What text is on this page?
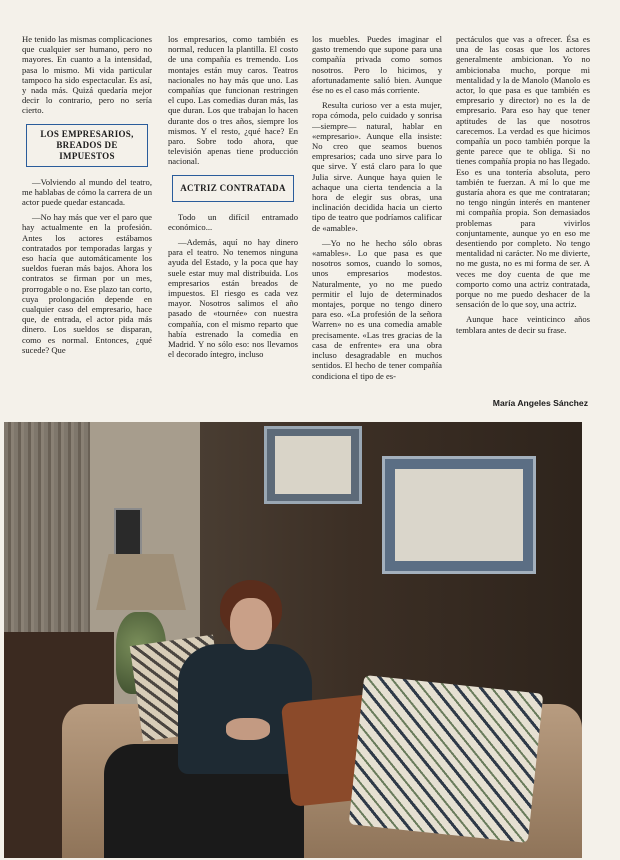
He tenido las mismas complicaciones que cualquier ser humano, pero no mayores. En cuanto a la intensidad, pasa lo mismo. Mi vida particular tampoco ha sido espectacular. Es así, y nada más. Quizá quedaría mejor decir lo contrario, pero no sería cierto.

LOS EMPRESARIOS, BREADOS DE IMPUESTOS

—Volviendo al mundo del teatro, me hablabas de cómo la carrera de un actor puede quedar estancada.

—No hay más que ver el paro que hay actualmente en la profesión. Antes los actores estábamos contratados por temporadas largas y eso hacía que automáticamente los sueldos fueran más bajos. Ahora los contratos se firman por un mes, prorrogable o no. Ese plazo tan corto, cuya prolongación depende en cualquier caso del empresario, hace que, de entrada, el actor pida más dinero. Los sueldos se disparan, como es normal. Entonces, ¿qué sucede? Que

los empresarios, como también es normal, reducen la plantilla. El costo de una compañía es tremendo. Los montajes están muy caros. Teatros nacionales no hay más que uno. Las compañías que funcionan restringen el cupo. Las comedias duran más, las que duran. Los que trabajan lo hacen durante dos o tres años, siempre los mismos. Y el resto, ¿qué hace? En paro. Sobre todo ahora, que televisión apenas tiene producción nacional.

ACTRIZ CONTRATADA

Todo un difícil entramado económico...

—Además, aquí no hay dinero para el teatro. No tenemos ninguna ayuda del Estado, y la poca que hay suele estar muy mal distribuida. Los empresarios están breados de impuestos. El riesgo es cada vez mayor. Nosotros salimos el año pasado de «tournée» con nuestra compañía, con el mismo reparto que había estrenado la comedia en Madrid. Y no sólo eso: nos llevamos el decorado íntegro, incluso

los muebles. Puedes imaginar el gasto tremendo que supone para una compañía privada como somos nosotros. Pero lo hicimos, y afortunadamente salió bien. Aunque ése no es el caso más corriente.

Resulta curioso ver a esta mujer, ropa cómoda, pelo cuidado y sonrisa —siempre— natural, hablar en «empresario». Aunque ella insiste: No creo que seamos buenos empresarios; cada uno sirve para lo que sirve. Y está claro para lo que Julia sirve. Aunque haya quien le achaque una cierta tendencia a la hora de elegir sus obras, una inclinación decidida hacia un cierto tipo de teatro que podríamos calificar de «amable».

—Yo no he hecho sólo obras «amables». Lo que pasa es que nosotros somos, cuando lo somos, unos empresarios modestos. Naturalmente, yo no me puedo permitir el lujo de determinados montajes, porque no tengo dinero para eso. «La profesión de la señora Warren» no es una comedia amable precisamente. «Las tres gracias de la casa de enfrente» era una obra incluso desagradable en muchos sentidos. El hecho de tener compañía condiciona el tipo de es-

pectáculos que vas a ofrecer. Ésa es una de las cosas que los actores generalmente ambicionan. Yo no ambicionaba mucho, porque mi mentalidad y la de Manolo (Manolo es actor, lo que pasa es que también es empresario y director) no es la de empresario. Para eso hay que tener aptitudes de las que nosotros carecemos. La verdad es que hicimos compañía un poco también porque la gente parece que te obliga. Si no tienes compañía propia no has llegado. Eso es una tontería absoluta, pero también te fuerzan. A mí lo que me gustaría ahora es que me contrataran; no tengo ningún interés en mantener mi compañía propia. Son demasiados problemas para vivirlos conjuntamente, aunque yo en eso me desentiendo por completo. No tengo mentalidad ni carácter. No me divierte, no me gusta, no es mi forma de ser. A veces me doy cuenta de que me comporto como una actriz contratada, porque no me puedo deshacer de la sensación de lo que soy, una actriz.

Aunque hace veinticinco años temblara antes de decir su frase.

María Angeles Sánchez
